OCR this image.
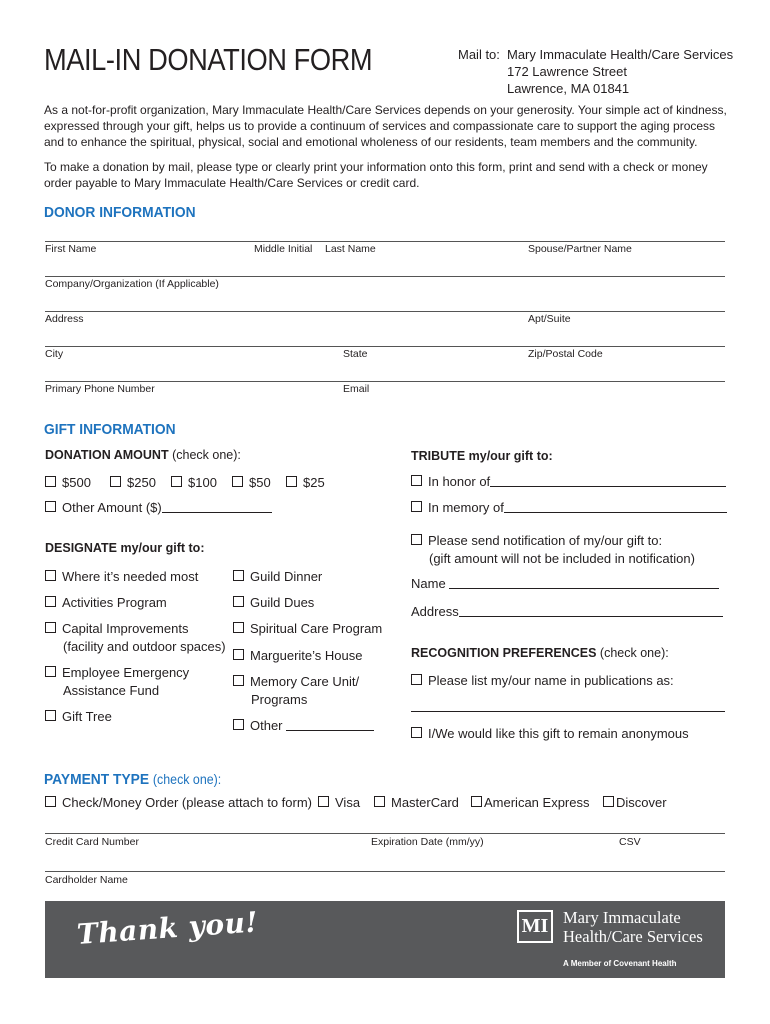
MAIL-IN DONATION FORM	Mail to: Mary Immaculate Health/Care Services
172 Lawrence Street
Lawrence, MA 01841
As a not-for-profit organization, Mary Immaculate Health/Care Services depends on your generosity. Your simple act of kindness, expressed through your gift, helps us to provide a continuum of services and compassionate care to support the aging process and to enhance the spiritual, physical, social and emotional wholeness of our residents, team members and the community.
To make a donation by mail, please type or clearly print your information onto this form, print and send with a check or money order payable to Mary Immaculate Health/Care Services or credit card.
DONOR INFORMATION
First Name	Middle Initial Last Name	Spouse/Partner Name
Company/Organization (If Applicable)
Address	Apt/Suite
City	State	Zip/Postal Code
Primary Phone Number	Email
GIFT INFORMATION
DONATION AMOUNT (check one):
$500	$250	$100	$50	$25
Other Amount ($)
DESIGNATE my/our gift to:
Where it’s needed most
Activities Program
Capital Improvements
(facility and outdoor spaces)
Employee Emergency
Assistance Fund
Gift Tree
Guild Dinner
Guild Dues
Spiritual Care Program
Marguerite’s House
Memory Care Unit/
Programs
Other
TRIBUTE my/our gift to:
In honor of
In memory of
Please send notification of my/our gift to:
(gift amount will not be included in notification)
Name
Address
RECOGNITION PREFERENCES (check one):
Please list my/our name in publications as:
I/We would like this gift to remain anonymous
PAYMENT TYPE (check one):
Check/Money Order (please attach to form)	Visa	MasterCard	American Express	Discover
Credit Card Number	Expiration Date (mm/yy)	CSV
Cardholder Name
Thank you!	MI Mary Immaculate
Health/Care Services
A Member of Covenant Health
